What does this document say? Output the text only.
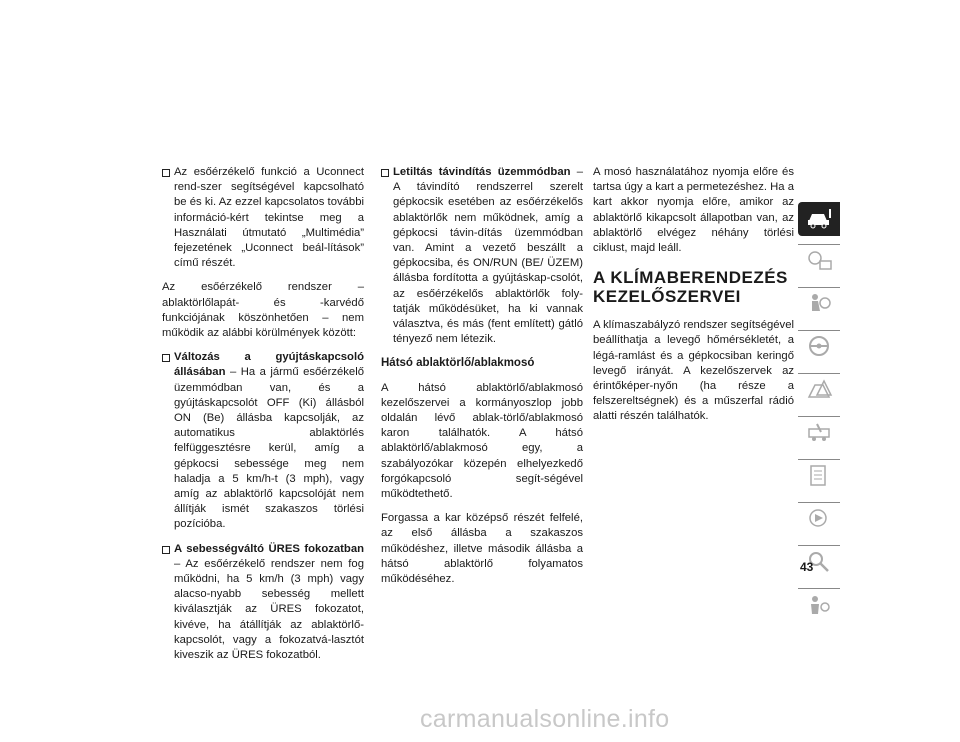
Az esőérzékelő funkció a Uconnect rend-szer segítségével kapcsolható be és ki. Az ezzel kapcsolatos további információ-kért tekintse meg a Használati útmutató „Multimédia” fejezetének „Uconnect beál-lítások” című részét.
Az esőérzékelő rendszer – ablaktörlőlapát- és -karvédő funkciójának köszönhetően – nem működik az alábbi körülmények között:
Változás a gyújtáskapcsoló állásában – Ha a jármű esőérzékelő üzemmódban van, és a gyújtáskapcsolót OFF (Ki) állásból ON (Be) állásba kapcsolják, az automatikus ablaktörlés felfüggesztésre kerül, amíg a gépkocsi sebessége meg nem haladja a 5 km/h-t (3 mph), vagy amíg az ablaktörlő kapcsolóját nem állítják ismét szakaszos törlési pozícióba.
A sebességváltó ÜRES fokozatban – Az esőérzékelő rendszer nem fog működni, ha 5 km/h (3 mph) vagy alacso-nyabb sebesség mellett kiválasztják az ÜRES fokozatot, kivéve, ha átállítják az ablaktörlő-kapcsolót, vagy a fokozatvá-lasztót kiveszik az ÜRES fokozatból.
Letiltás távindítás üzemmódban – A távindító rendszerrel szerelt gépkocsik esetében az esőérzékelős ablaktörlők nem működnek, amíg a gépkocsi távin-dítás üzemmódban van. Amint a vezető beszállt a gépkocsiba, és ON/RUN (BE/ ÜZEM) állásba fordította a gyújtáskap-csolót, az esőérzékelős ablaktörlők foly-tatják működésüket, ha ki vannak választva, és más (fent említett) gátló tényező nem létezik.
Hátsó ablaktörlő/ablakmosó
A hátsó ablaktörlő/ablakmosó kezelőszervei a kormányoszlop jobb oldalán lévő ablak-törlő/ablakmosó karon találhatók. A hátsó ablaktörlő/ablakmosó egy, a szabályozókar közepén elhelyezkedő forgókapcsoló segít-ségével működtethető.
Forgassa a kar középső részét felfelé, az első állásba a szakaszos működéshez, illetve második állásba a hátsó ablaktörlő folyamatos működéséhez.
A mosó használatához nyomja előre és tartsa úgy a kart a permetezéshez. Ha a kart akkor nyomja előre, amikor az ablaktörlő kikapcsolt állapotban van, az ablaktörlő elvégez néhány törlési ciklust, majd leáll.
A KLÍMABERENDEZÉS
KEZELŐSZERVEI
A klímaszabályzó rendszer segítségével beállíthatja a levegő hőmérsékletét, a légá-ramlást és a gépkocsiban keringő levegő irányát. A kezelőszervek az érintőképer-nyőn (ha része a felszereltségnek) és a műszerfal rádió alatti részén találhatók.
43
carmanualsonline.info
